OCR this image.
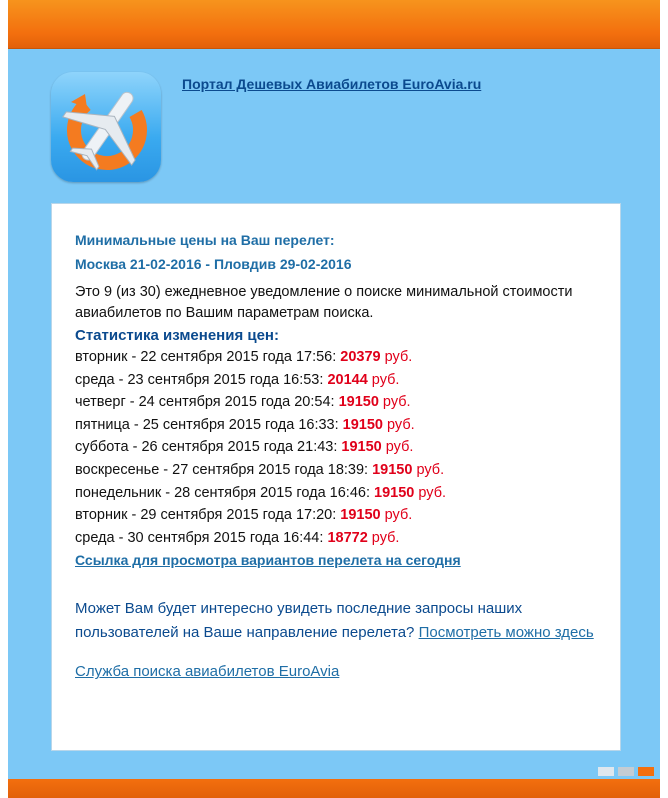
Портал Дешевых Авиабилетов EuroAvia.ru
Минимальные цены на Ваш перелет:
Москва 21-02-2016 - Пловдив 29-02-2016
Это 9 (из 30) ежедневное уведомление о поиске минимальной стоимости авиабилетов по Вашим параметрам поиска.
Статистика изменения цен:
вторник - 22 сентября 2015 года 17:56: 20379 руб.
среда - 23 сентября 2015 года 16:53: 20144 руб.
четверг - 24 сентября 2015 года 20:54: 19150 руб.
пятница - 25 сентября 2015 года 16:33: 19150 руб.
суббота - 26 сентября 2015 года 21:43: 19150 руб.
воскресенье - 27 сентября 2015 года 18:39: 19150 руб.
понедельник - 28 сентября 2015 года 16:46: 19150 руб.
вторник - 29 сентября 2015 года 17:20: 19150 руб.
среда - 30 сентября 2015 года 16:44: 18772 руб.
Ссылка для просмотра вариантов перелета на сегодня
Может Вам будет интересно увидеть последние запросы наших пользователей на Ваше направление перелета? Посмотреть можно здесь
Служба поиска авиабилетов EuroAvia
